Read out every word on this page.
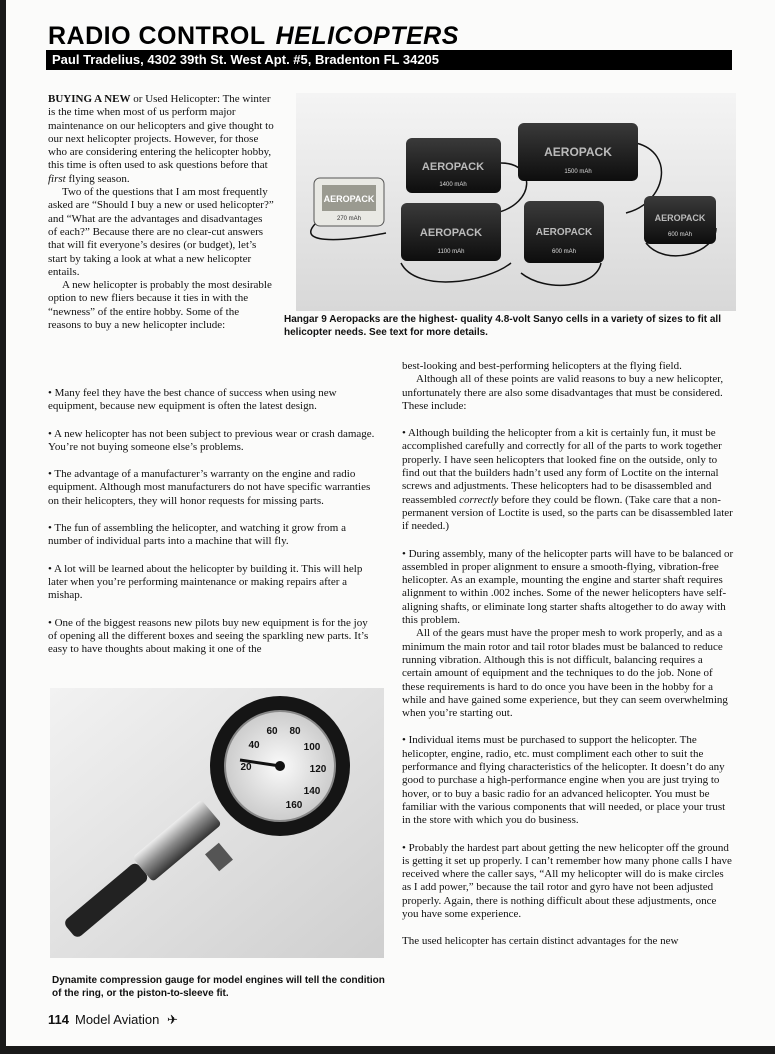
RADIO CONTROL HELICOPTERS
Paul Tradelius, 4302 39th St. West Apt. #5, Bradenton FL 34205

BUYING A NEW or Used Helicopter: The winter is the time when most of us perform major maintenance on our helicopters and give thought to our next helicopter projects. However, for those who are considering entering the helicopter hobby, this time is often used to ask questions before that first flying season.

Two of the questions that I am most frequently asked are “Should I buy a new or used helicopter?” and “What are the advantages and disadvantages of each?” Because there are no clear-cut answers that will fit everyone’s desires (or budget), let’s start by taking a look at what a new helicopter entails.

A new helicopter is probably the most desirable option to new fliers because it ties in with the “newness” of the entire hobby. Some of the reasons to buy a new helicopter include:

• Many feel they have the best chance of success when using new equipment, because new equipment is often the latest design.

• A new helicopter has not been subject to previous wear or crash damage. You’re not buying someone else’s problems.

• The advantage of a manufacturer’s warranty on the engine and radio equipment. Although most manufacturers do not have specific warranties on their helicopters, they will honor requests for missing parts.

• The fun of assembling the helicopter, and watching it grow from a number of individual parts into a machine that will fly.

• A lot will be learned about the helicopter by building it. This will help later when you’re performing maintenance or making repairs after a mishap.

• One of the biggest reasons new pilots buy new equipment is for the joy of opening all the different boxes and seeing the sparkling new parts. It’s easy to have thoughts about making it one of the

AEROPACK
270 mAh
AEROPACK
1400 mAh
AEROPACK
1500 mAh
AEROPACK
1100 mAh
AEROPACK
600 mAh
AEROPACK
600 mAh
Hangar 9 Aeropacks are the highest- quality 4.8-volt Sanyo cells in a variety of sizes to fit all helicopter needs. See text for more details.

best-looking and best-performing helicopters at the flying field.

Although all of these points are valid reasons to buy a new helicopter, unfortunately there are also some disadvantages that must be considered. These include:

• Although building the helicopter from a kit is certainly fun, it must be accomplished carefully and correctly for all of the parts to work together properly. I have seen helicopters that looked fine on the outside, only to find out that the builders hadn’t used any form of Loctite on the internal screws and adjustments. These helicopters had to be disassembled and reassembled correctly before they could be flown. (Take care that a non-permanent version of Loctite is used, so the parts can be disassembled later if needed.)

• During assembly, many of the helicopter parts will have to be balanced or assembled in proper alignment to ensure a smooth-flying, vibration-free helicopter. As an example, mounting the engine and starter shaft requires alignment to within .002 inches. Some of the newer helicopters have self-aligning shafts, or eliminate long starter shafts altogether to do away with this problem.

All of the gears must have the proper mesh to work properly, and as a minimum the main rotor and tail rotor blades must be balanced to reduce running vibration. Although this is not difficult, balancing requires a certain amount of equipment and the techniques to do the job. None of these requirements is hard to do once you have been in the hobby for a while and have gained some experience, but they can seem overwhelming when you’re starting out.

• Individual items must be purchased to support the helicopter. The helicopter, engine, radio, etc. must compliment each other to suit the performance and flying characteristics of the helicopter. It doesn’t do any good to purchase a high-performance engine when you are just trying to hover, or to buy a basic radio for an advanced helicopter. You must be familiar with the various components that will needed, or place your trust in the store with which you do business.

• Probably the hardest part about getting the new helicopter off the ground is getting it set up properly. I can’t remember how many phone calls I have received where the caller says, “All my helicopter will do is make circles as I add power,” because the tail rotor and gyro have not been adjusted properly. Again, there is nothing difficult about these adjustments, once you have some experience.

The used helicopter has certain distinct advantages for the new

20
40
60 80
100
120
140
160
Dynamite compression gauge for model engines will tell the condition of the ring, or the piston-to-sleeve fit.
114 Model Aviation ✈
